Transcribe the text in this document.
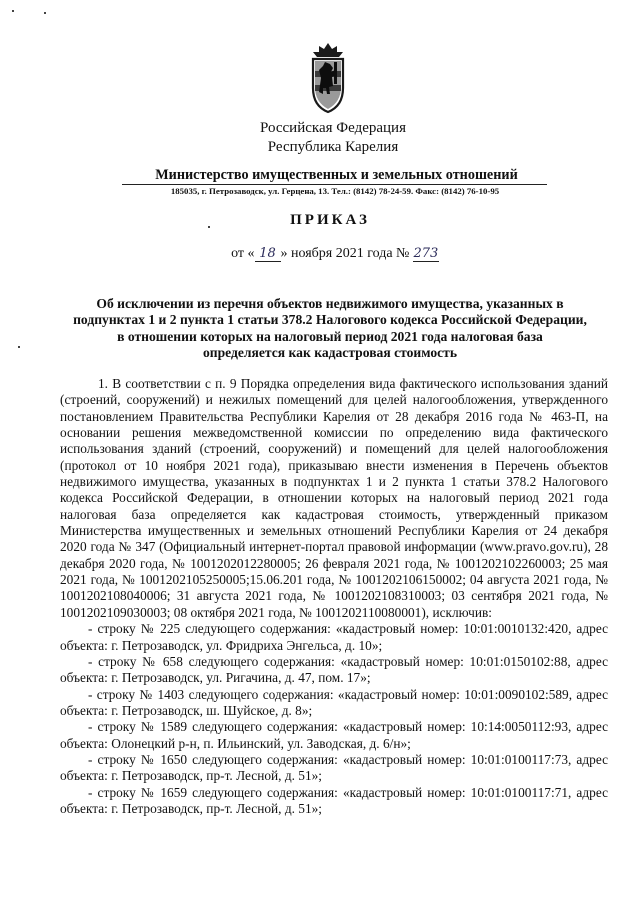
Российская Федерация
Республика Карелия
Министерство имущественных и земельных отношений
185035, г. Петрозаводск, ул. Герцена, 13. Тел.: (8142) 78-24-59. Факс: (8142) 76-10-95
ПРИКАЗ
от « 18 » ноября 2021 года № 273
Об исключении из перечня объектов недвижимого имущества, указанных в
подпунктах 1 и 2 пункта 1 статьи 378.2 Налогового кодекса Российской Федерации,
в отношении которых на налоговый период 2021 года налоговая база
определяется как кадастровая стоимость

1. В соответствии с п. 9 Порядка определения вида фактического использования зданий (строений, сооружений) и нежилых помещений для целей налогообложения, утвержденного постановлением Правительства Республики Карелия от 28 декабря 2016 года № 463-П, на основании решения межведомственной комиссии по определению вида фактического использования зданий (строений, сооружений) и помещений для целей налогообложения (протокол от 10 ноября 2021 года), приказываю внести изменения в Перечень объектов недвижимого имущества, указанных в подпунктах 1 и 2 пункта 1 статьи 378.2 Налогового кодекса Российской Федерации, в отношении которых на налоговый период 2021 года налоговая база определяется как кадастровая стоимость, утвержденный приказом Министерства имущественных и земельных отношений Республики Карелия от 24 декабря 2020 года № 347 (Официальный интернет-портал правовой информации (www.pravo.gov.ru), 28 декабря 2020 года, № 1001202012280005; 26 февраля 2021 года, № 1001202102260003; 25 мая 2021 года, № 1001202105250005;15.06.201 года, № 1001202106150002; 04 августа 2021 года, № 1001202108040006; 31 августа 2021 года, № 1001202108310003; 03 сентября 2021 года, № 1001202109030003; 08 октября 2021 года, № 1001202110080001), исключив:

- строку № 225 следующего содержания: «кадастровый номер: 10:01:0010132:420, адрес объекта: г. Петрозаводск, ул. Фридриха Энгельса, д. 10»;

- строку № 658 следующего содержания: «кадастровый номер: 10:01:0150102:88, адрес объекта: г. Петрозаводск, ул. Ригачина, д. 47, пом. 17»;

- строку № 1403 следующего содержания: «кадастровый номер: 10:01:0090102:589, адрес объекта: г. Петрозаводск, ш. Шуйское, д. 8»;

- строку № 1589 следующего содержания: «кадастровый номер: 10:14:0050112:93, адрес объекта: Олонецкий р-н, п. Ильинский, ул. Заводская, д. 6/н»;

- строку № 1650 следующего содержания: «кадастровый номер: 10:01:0100117:73, адрес объекта: г. Петрозаводск, пр-т. Лесной, д. 51»;

- строку № 1659 следующего содержания: «кадастровый номер: 10:01:0100117:71, адрес объекта: г. Петрозаводск, пр-т. Лесной, д. 51»;
